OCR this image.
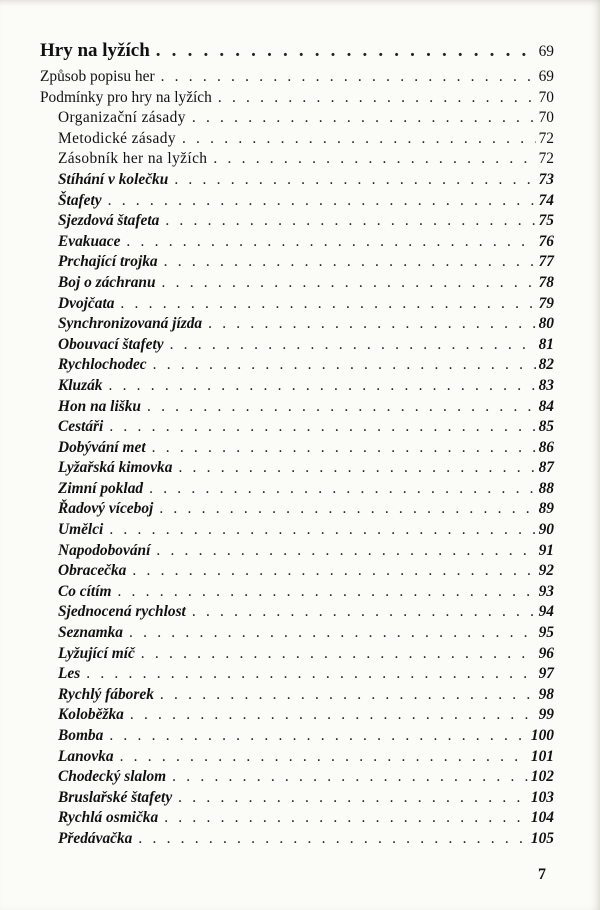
Hry na lyžích . . .	69
Způsob popisu her . . .	69
Podmínky pro hry na lyžích . . .	70
Organizační zásady . . .	70
Metodické zásady . . .	72
Zásobník her na lyžích . . .	72
Stíhání v kolečku . . .	73
Štafety . . .	74
Sjezdová štafeta . . .	75
Evakuace . . .	76
Prchající trojka . . .	77
Boj o záchranu . . .	78
Dvojčata . . .	79
Synchronizovaná jízda . . .	80
Obouvací štafety . . .	81
Rychlochodec . . .	82
Kluzák . . .	83
Hon na lišku . . .	84
Cestáři . . .	85
Dobývání met . . .	86
Lyžařská kimovka . . .	87
Zimní poklad . . .	88
Řadový víceboj . . .	89
Umělci . . .	90
Napodobování . . .	91
Obracečka . . .	92
Co cítím . . .	93
Sjednocená rychlost . . .	94
Seznamka . . .	95
Lyžující míč . . .	96
Les . . .	97
Rychlý fáborek . . .	98
Koloběžka . . .	99
Bomba . . .	100
Lanovka . . .	101
Chodecký slalom . . .	102
Bruslařské štafety . . .	103
Rychlá osmička . . .	104
Předávačka . . .	105
7
